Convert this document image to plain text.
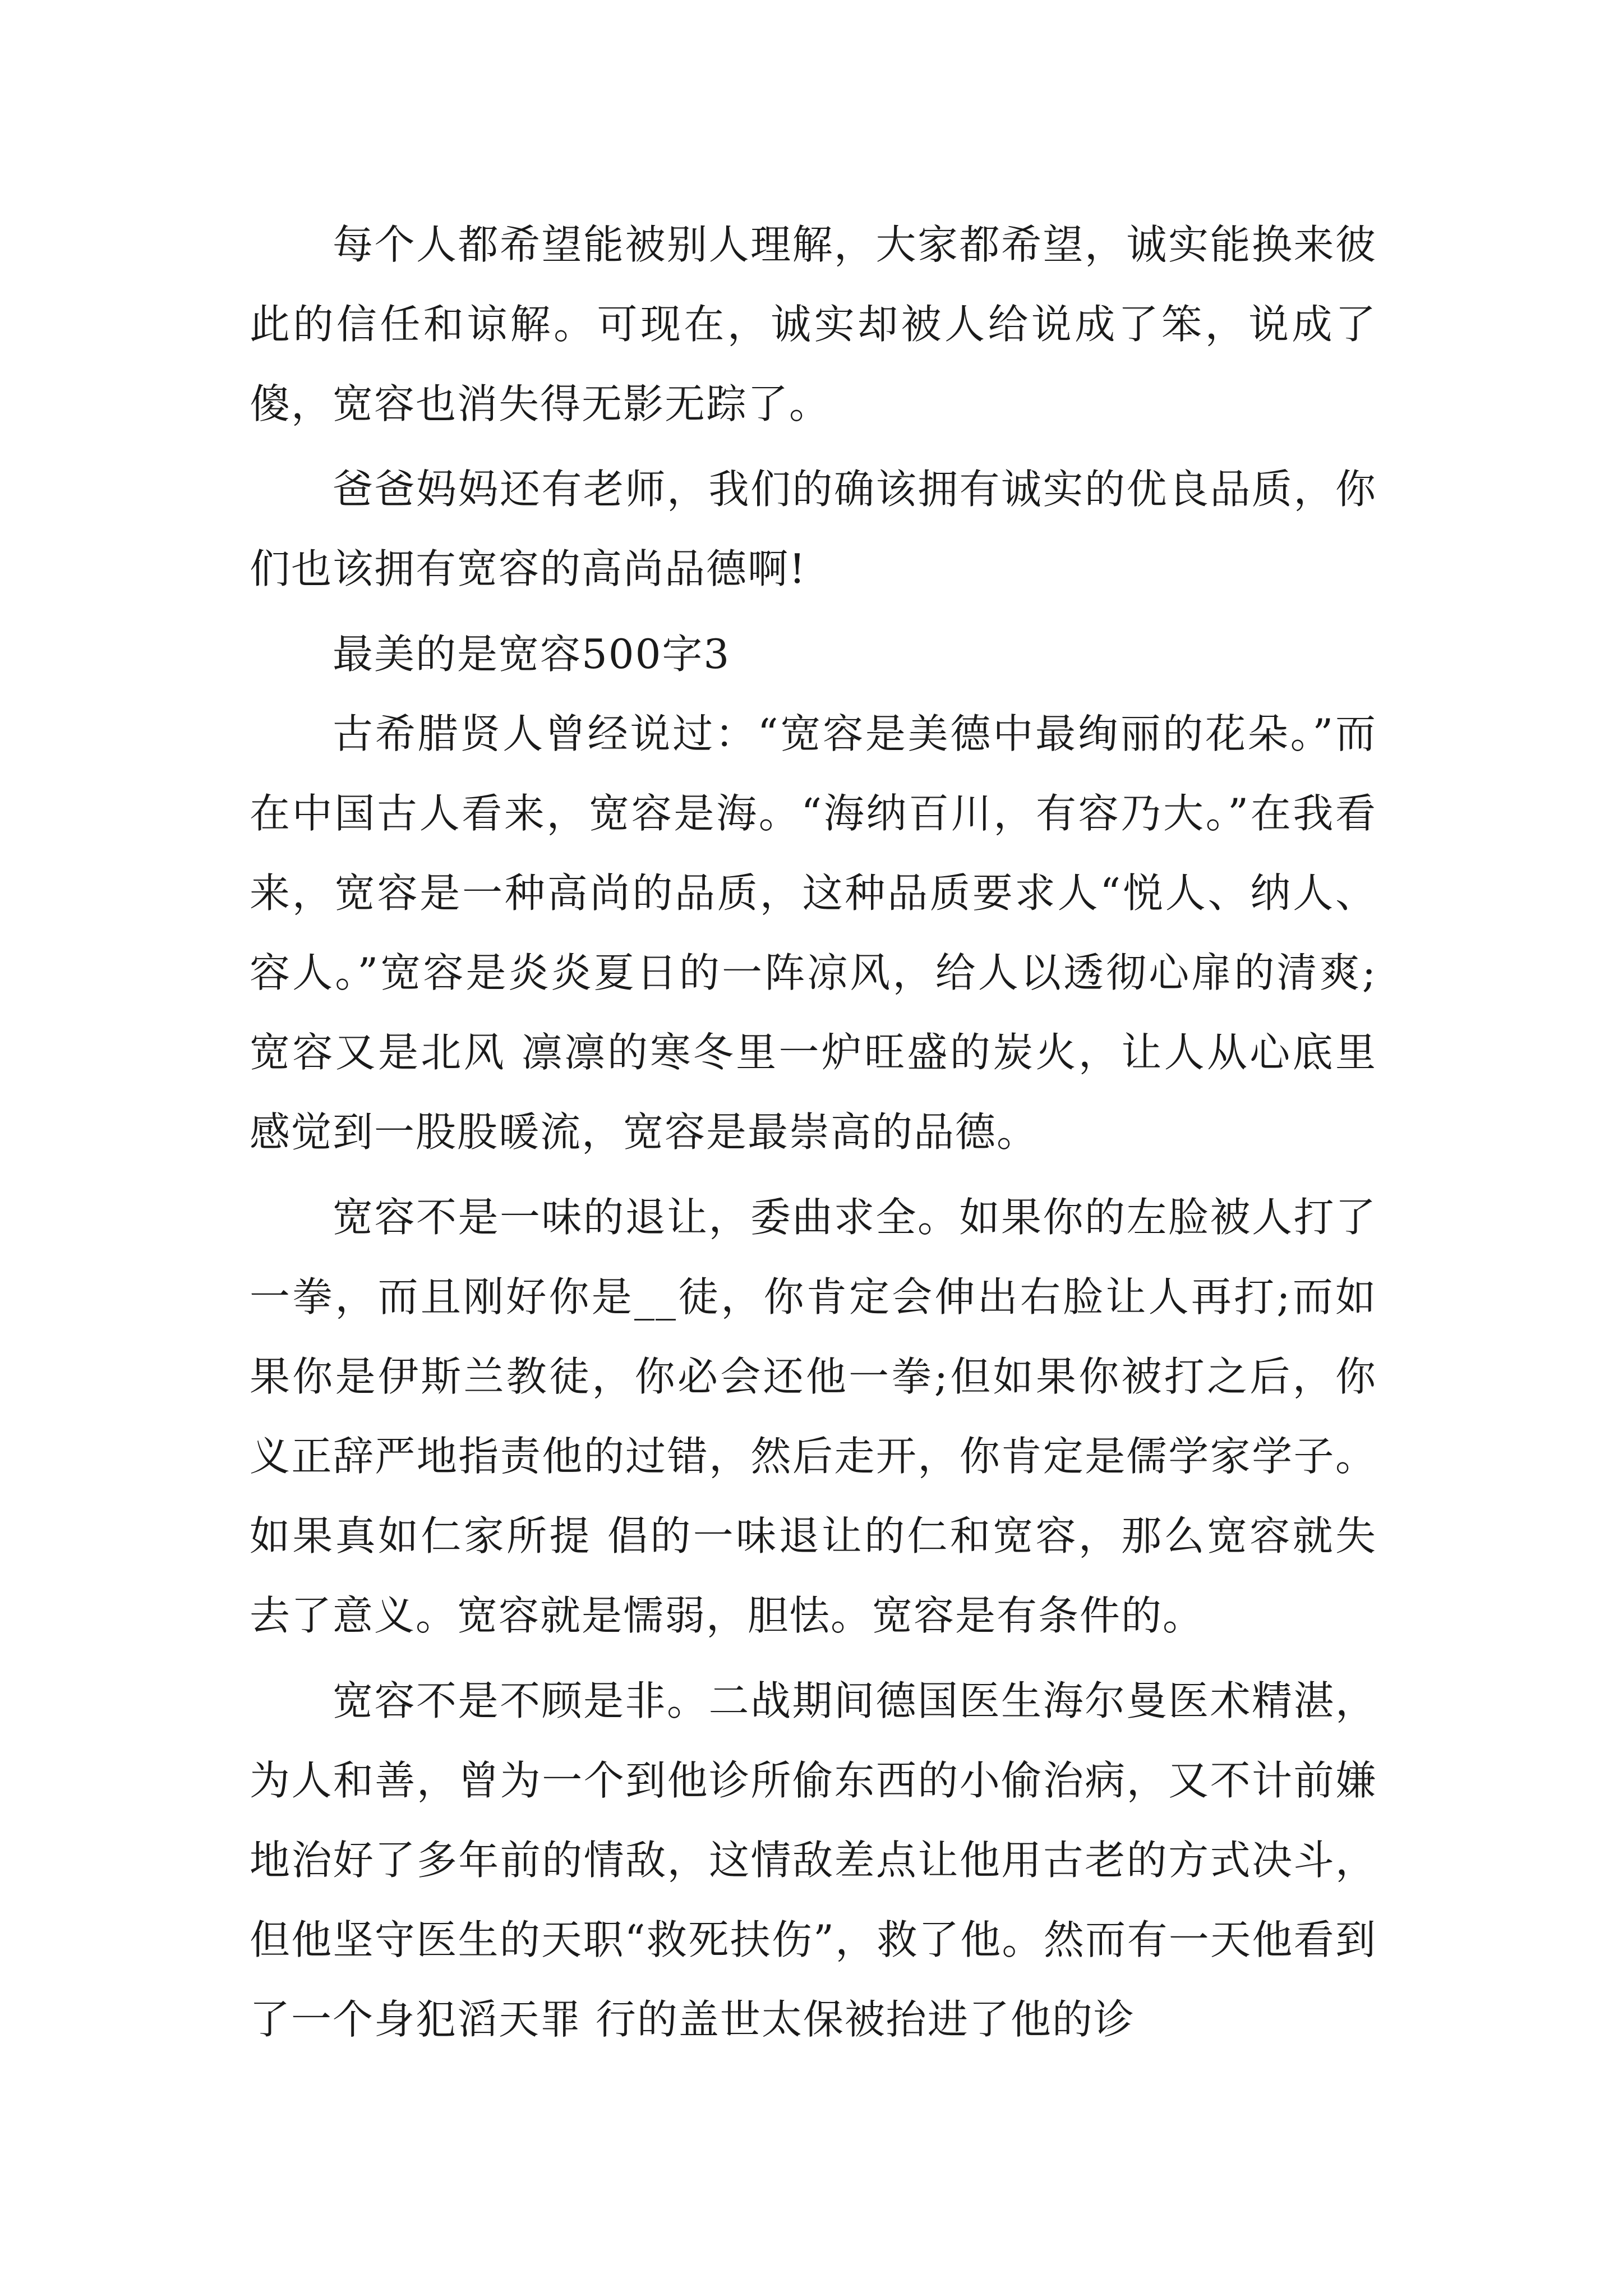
每个人都希望能被别人理解，大家都希望，诚实能换来彼此的信任和谅解。可现在，诚实却被人给说成了笨，说成了傻，宽容也消失得无影无踪了。

爸爸妈妈还有老师，我们的确该拥有诚实的优良品质，你们也该拥有宽容的高尚品德啊!

最美的是宽容500字3

古希腊贤人曾经说过：“宽容是美德中最绚丽的花朵。”而在中国古人看来，宽容是海。“海纳百川，有容乃大。”在我看来，宽容是一种高尚的品质，这种品质要求人“悦人、纳人、容人。”宽容是炎炎夏日的一阵凉风，给人以透彻心扉的清爽;宽容又是北风 凛凛的寒冬里一炉旺盛的炭火，让人从心底里感觉到一股股暖流，宽容是最崇高的品德。

宽容不是一味的退让，委曲求全。如果你的左脸被人打了一拳，而且刚好你是__徒，你肯定会伸出右脸让人再打;而如果你是伊斯兰教徒，你必会还他一拳;但如果你被打之后，你义正辞严地指责他的过错，然后走开，你肯定是儒学家学子。如果真如仁家所提 倡的一味退让的仁和宽容，那么宽容就失去了意义。宽容就是懦弱，胆怯。宽容是有条件的。

宽容不是不顾是非。二战期间德国医生海尔曼医术精湛，为人和善，曾为一个到他诊所偷东西的小偷治病，又不计前嫌地治好了多年前的情敌，这情敌差点让他用古老的方式决斗，但他坚守医生的天职“救死扶伤”，救了他。然而有一天他看到了一个身犯滔天罪 行的盖世太保被抬进了他的诊
